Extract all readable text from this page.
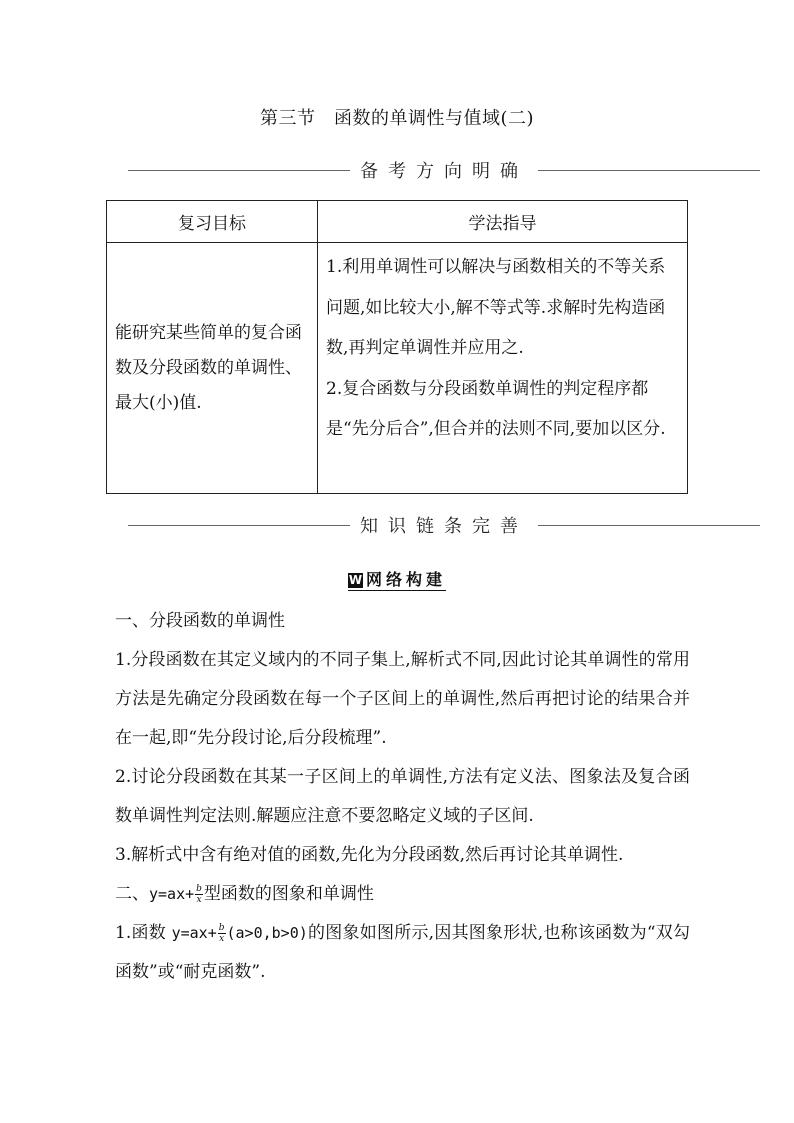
第三节　函数的单调性与值域(二)
备考方向明确
复习目标	学法指导
能研究某些简单的复合函数及分段函数的单调性、最大(小)值.	1.利用单调性可以解决与函数相关的不等关系问题,如比较大小,解不等式等.求解时先构造函数,再判定单调性并应用之.

2.复合函数与分段函数单调性的判定程序都是“先分后合”,但合并的法则不同,要加以区分.

知识链条完善
W 网络构建

一、分段函数的单调性

1.分段函数在其定义域内的不同子集上,解析式不同,因此讨论其单调性的常用方法是先确定分段函数在每一个子区间上的单调性,然后再把讨论的结果合并在一起,即“先分段讨论,后分段梳理”.

2.讨论分段函数在其某一子区间上的单调性,方法有定义法、图象法及复合函数单调性判定法则.解题应注意不要忽略定义域的子区间.

3.解析式中含有绝对值的函数,先化为分段函数,然后再讨论其单调性.

二、$y=ax+ \frac{b}{x}$ 型函数的图象和单调性

1.函数 $y=ax+ \frac{b}{x} (a>0,b>0)$的图象如图所示,因其图象形状,也称该函数为“双勾函数”或“耐克函数”.
